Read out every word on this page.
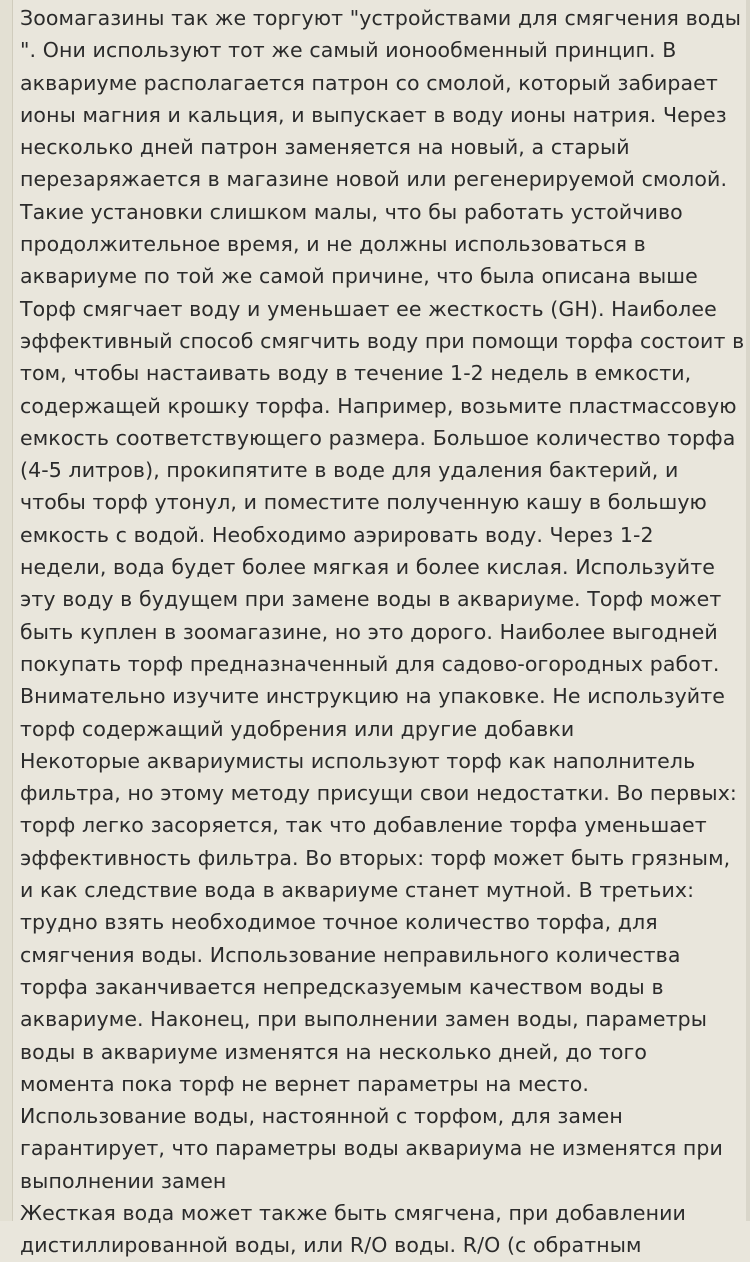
Зоомагазины так же торгуют "устройствами для смягчения воды ". Они используют тот же самый ионообменный принцип. В аквариуме располагается патрон со смолой, который забирает ионы магния и кальция, и выпускает в воду ионы натрия. Через несколько дней патрон заменяется на новый, а старый перезаряжается в магазине новой или регенерируемой смолой. Такие установки слишком малы, что бы работать устойчиво продолжительное время, и не должны использоваться в аквариуме по той же самой причине, что была описана выше

Торф смягчает воду и уменьшает ее жесткость (GH). Наиболее эффективный способ смягчить воду при помощи торфа состоит в том, чтобы настаивать воду в течение 1-2 недель в емкости, содержащей крошку торфа. Например, возьмите пластмассовую емкость соответствующего размера. Большое количество торфа (4-5 литров), прокипятите в воде для удаления бактерий, и чтобы торф утонул, и поместите полученную кашу в большую емкость с водой. Необходимо аэрировать воду. Через 1-2 недели, вода будет более мягкая и более кислая. Используйте эту воду в будущем при замене воды в аквариуме. Торф может быть куплен в зоомагазине, но это дорого. Наиболее выгодней покупать торф предназначенный для садово-огородных работ. Внимательно изучите инструкцию на упаковке. Не используйте торф содержащий удобрения или другие добавки

Некоторые аквариумисты используют торф как наполнитель фильтра, но этому методу присущи свои недостатки. Во первых: торф легко засоряется, так что добавление торфа уменьшает эффективность фильтра. Во вторых: торф может быть грязным, и как следствие вода в аквариуме станет мутной. В третьих: трудно взять необходимое точное количество торфа, для смягчения воды. Использование неправильного количества торфа заканчивается непредсказуемым качеством воды в аквариуме. Наконец, при выполнении замен воды, параметры воды в аквариуме изменятся на несколько дней, до того момента пока торф не вернет параметры на место. Использование воды, настоянной с торфом, для замен гарантирует, что параметры воды аквариума не изменятся при выполнении замен

Жесткая вода может также быть смягчена, при добавлении дистиллированной воды, или R/O воды. R/O (с обратным
